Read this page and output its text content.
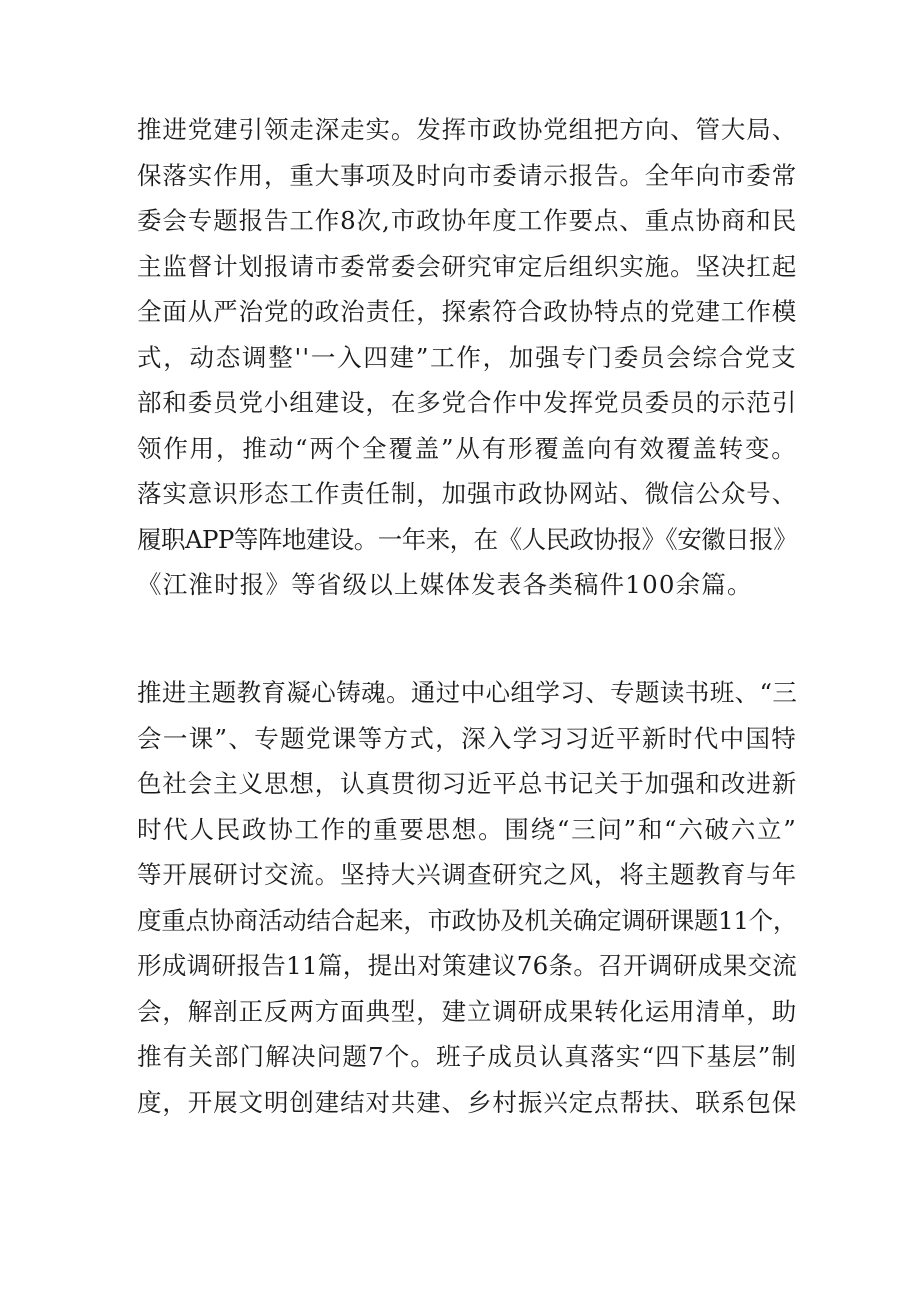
推进党建引领走深走实。发挥市政协党组把方向、管大局、
保落实作用，重大事项及时向市委请示报告。全年向市委常
委会专题报告工作8次,市政协年度工作要点、重点协商和民
主监督计划报请市委常委会研究审定后组织实施。坚决扛起
全面从严治党的政治责任，探索符合政协特点的党建工作模
式，动态调整''一入四建”工作，加强专门委员会综合党支
部和委员党小组建设，在多党合作中发挥党员委员的示范引
领作用，推动“两个全覆盖”从有形覆盖向有效覆盖转变。
落实意识形态工作责任制，加强市政协网站、微信公众号、
履职APP等阵地建设。一年来，在《人民政协报》《安徽日报》
《江淮时报》等省级以上媒体发表各类稿件100余篇。

推进主题教育凝心铸魂。通过中心组学习、专题读书班、“三
会一课”、专题党课等方式，深入学习习近平新时代中国特
色社会主义思想，认真贯彻习近平总书记关于加强和改进新
时代人民政协工作的重要思想。围绕“三问”和“六破六立”
等开展研讨交流。坚持大兴调查研究之风，将主题教育与年
度重点协商活动结合起来，市政协及机关确定调研课题11个，
形成调研报告11篇，提出对策建议76条。召开调研成果交流
会，解剖正反两方面典型，建立调研成果转化运用清单，助
推有关部门解决问题7个。班子成员认真落实“四下基层”制
度，开展文明创建结对共建、乡村振兴定点帮扶、联系包保
